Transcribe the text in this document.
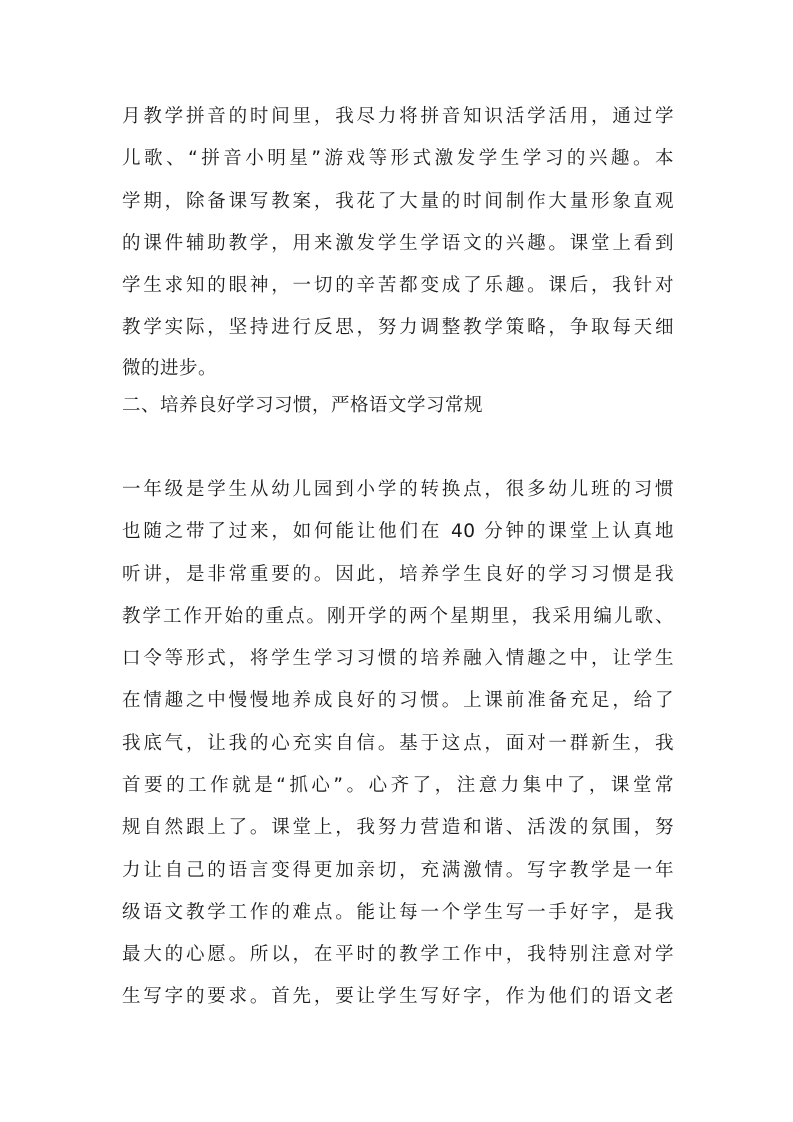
月教学拼音的时间里，我尽力将拼音知识活学活用，通过学
儿歌、“拼音小明星”游戏等形式激发学生学习的兴趣。本
学期，除备课写教案，我花了大量的时间制作大量形象直观
的课件辅助教学，用来激发学生学语文的兴趣。课堂上看到
学生求知的眼神，一切的辛苦都变成了乐趣。课后，我针对
教学实际，坚持进行反思，努力调整教学策略，争取每天细
微的进步。
二、培养良好学习习惯，严格语文学习常规
一年级是学生从幼儿园到小学的转换点，很多幼儿班的习惯
也随之带了过来，如何能让他们在 40 分钟的课堂上认真地
听讲，是非常重要的。因此，培养学生良好的学习习惯是我
教学工作开始的重点。刚开学的两个星期里，我采用编儿歌、
口令等形式，将学生学习习惯的培养融入情趣之中，让学生
在情趣之中慢慢地养成良好的习惯。上课前准备充足，给了
我底气，让我的心充实自信。基于这点，面对一群新生，我
首要的工作就是“抓心”。心齐了，注意力集中了，课堂常
规自然跟上了。课堂上，我努力营造和谐、活泼的氛围，努
力让自己的语言变得更加亲切，充满激情。写字教学是一年
级语文教学工作的难点。能让每一个学生写一手好字，是我
最大的心愿。所以，在平时的教学工作中，我特别注意对学
生写字的要求。首先，要让学生写好字，作为他们的语文老
